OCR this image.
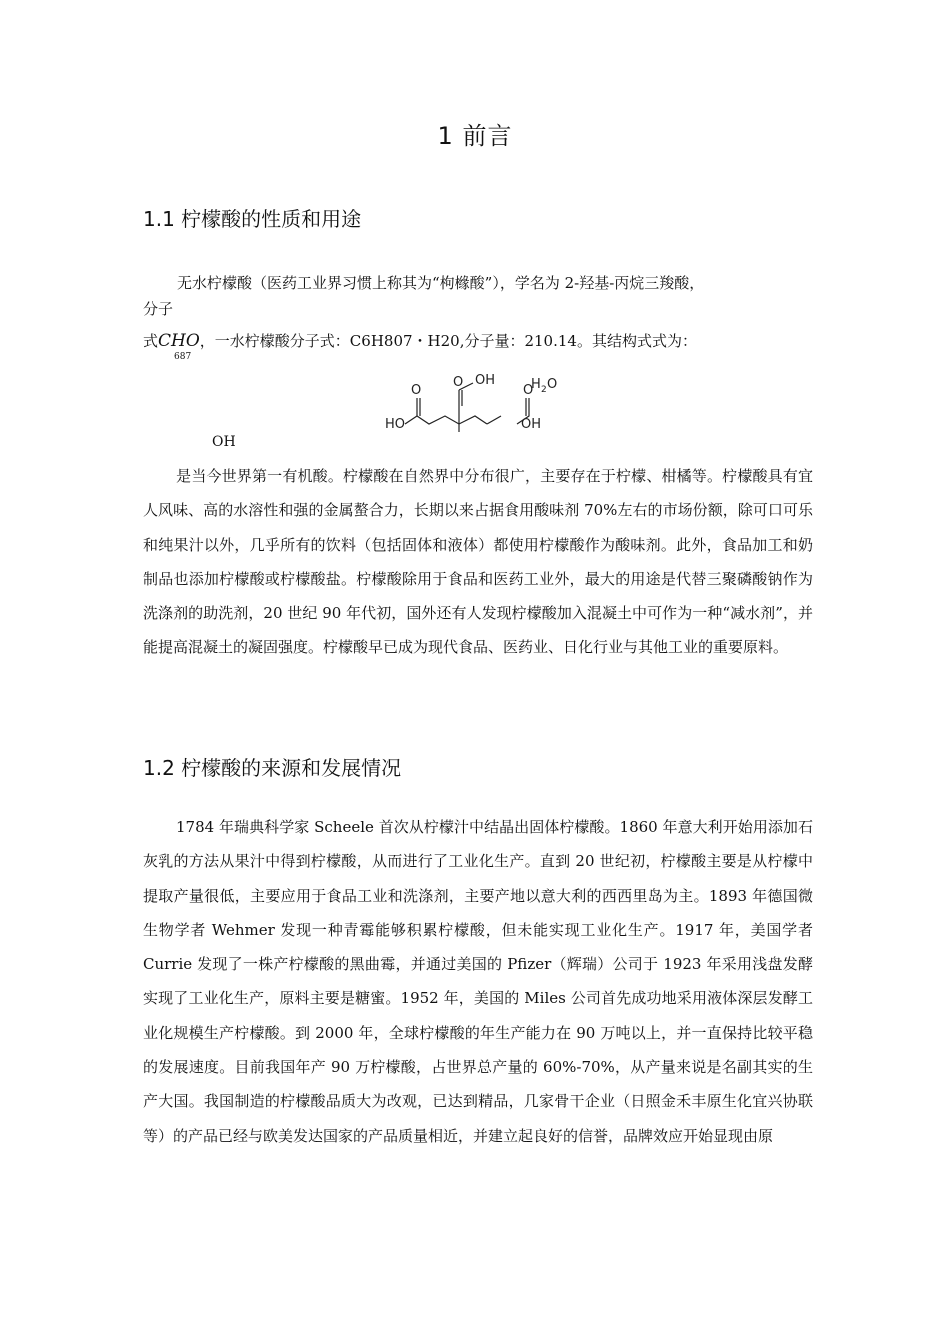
1 前言
1.1 柠檬酸的性质和用途
无水柠檬酸（医药工业界习惯上称其为“枸橼酸”），学名为 2-羟基-丙烷三羧酸，
分子
式CHO，一水柠檬酸分子式：C6H807・H20,分子量：210.14。其结构式式为：
687
O
HO
O OH
O
OH
H 2 O
OH

是当今世界第一有机酸。柠檬酸在自然界中分布很广，主要存在于柠檬、柑橘等。柠檬酸具有宜人风味、高的水溶性和强的金属螯合力，长期以来占据食用酸味剂 70%左右的市场份额，除可口可乐和纯果汁以外，几乎所有的饮料（包括固体和液体）都使用柠檬酸作为酸味剂。此外，食品加工和奶制品也添加柠檬酸或柠檬酸盐。柠檬酸除用于食品和医药工业外，最大的用途是代替三聚磷酸钠作为洗涤剂的助洗剂，20 世纪 90 年代初，国外还有人发现柠檬酸加入混凝土中可作为一种“减水剂”，并能提高混凝土的凝固强度。柠檬酸早已成为现代食品、医药业、日化行业与其他工业的重要原料。

1.2 柠檬酸的来源和发展情况

1784 年瑞典科学家 Scheele 首次从柠檬汁中结晶出固体柠檬酸。1860 年意大利开始用添加石灰乳的方法从果汁中得到柠檬酸，从而进行了工业化生产。直到 20 世纪初，柠檬酸主要是从柠檬中提取产量很低，主要应用于食品工业和洗涤剂，主要产地以意大利的西西里岛为主。1893 年德国微生物学者 Wehmer 发现一种青霉能够积累柠檬酸，但未能实现工业化生产。1917 年，美国学者 Currie 发现了一株产柠檬酸的黑曲霉，并通过美国的 Pfizer（辉瑞）公司于 1923 年采用浅盘发酵实现了工业化生产，原料主要是糖蜜。1952 年，美国的 Miles 公司首先成功地采用液体深层发酵工业化规模生产柠檬酸。到 2000 年，全球柠檬酸的年生产能力在 90 万吨以上，并一直保持比较平稳的发展速度。目前我国年产 90 万柠檬酸，占世界总产量的 60%-70%，从产量来说是名副其实的生产大国。我国制造的柠檬酸品质大为改观，已达到精品，几家骨干企业（日照金禾丰原生化宜兴协联等）的产品已经与欧美发达国家的产品质量相近，并建立起良好的信誉，品牌效应开始显现由原
